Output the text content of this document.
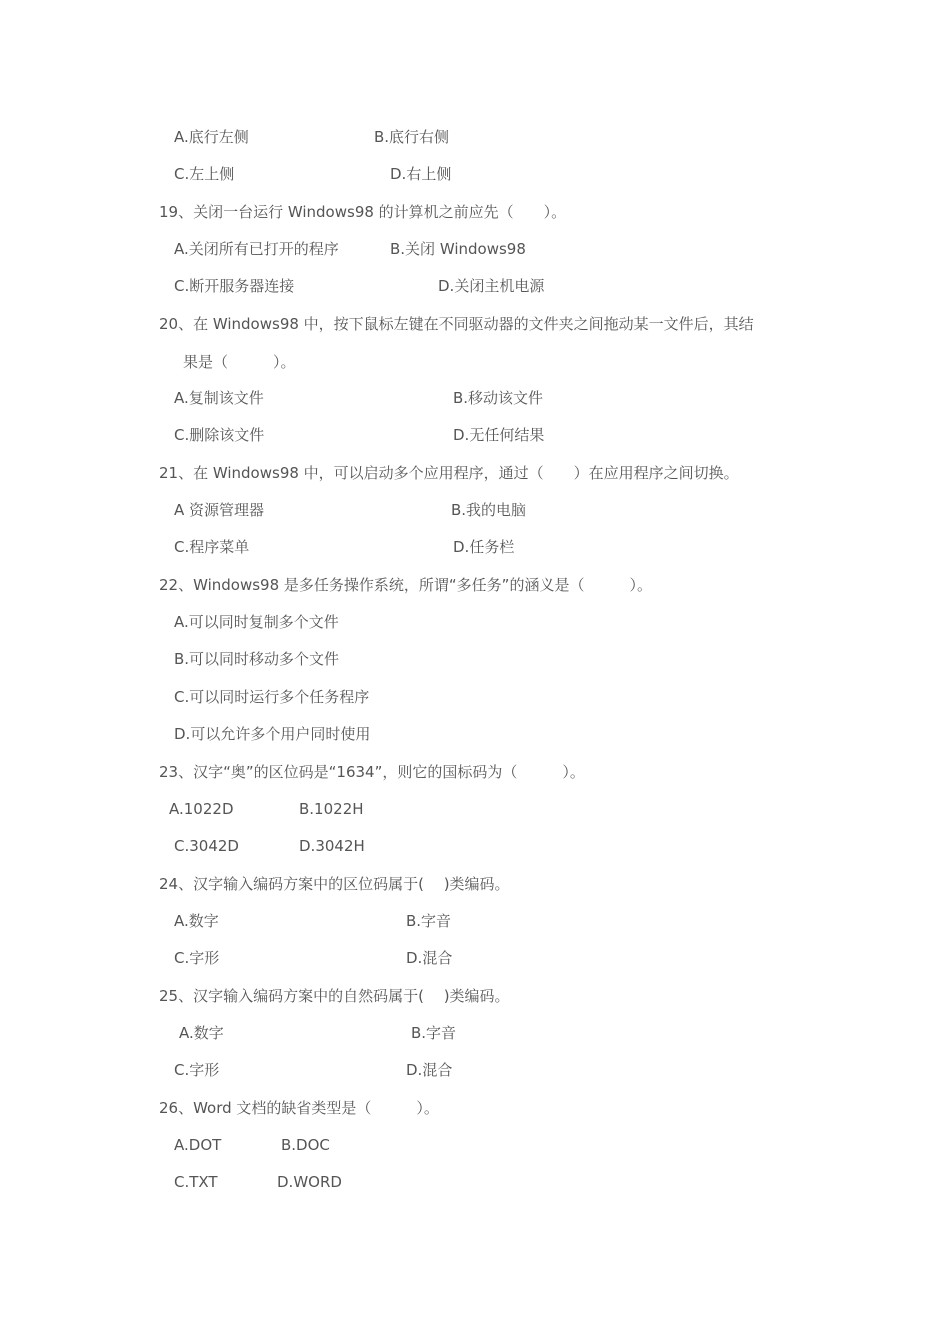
A.底行左侧	B.底行右侧
C.左上侧	D.右上侧
19、关闭一台运行 Windows98 的计算机之前应先（　　）。
A.关闭所有已打开的程序	B.关闭 Windows98
C.断开服务器连接	D.关闭主机电源
20、在 Windows98 中，按下鼠标左键在不同驱动器的文件夹之间拖动某一文件后，其结
果是（　　　）。
A.复制该文件	B.移动该文件
C.删除该文件	D.无任何结果
21、在 Windows98 中，可以启动多个应用程序，通过（　　）在应用程序之间切换。
A 资源管理器	B.我的电脑
C.程序菜单	D.任务栏
22、Windows98 是多任务操作系统，所谓“多任务”的涵义是（　　　）。
A.可以同时复制多个文件
B.可以同时移动多个文件
C.可以同时运行多个任务程序
D.可以允许多个用户同时使用
23、汉字“奥”的区位码是“1634”，则它的国标码为（　　　）。
A.1022D	B.1022H
C.3042D	D.3042H
24、汉字输入编码方案中的区位码属于(　 )类编码。
A.数字	B.字音
C.字形	D.混合
25、汉字输入编码方案中的自然码属于(　 )类编码。
A.数字	B.字音
C.字形	D.混合
26、Word 文档的缺省类型是（　　　）。
A.DOT	B.DOC
C.TXT	D.WORD
